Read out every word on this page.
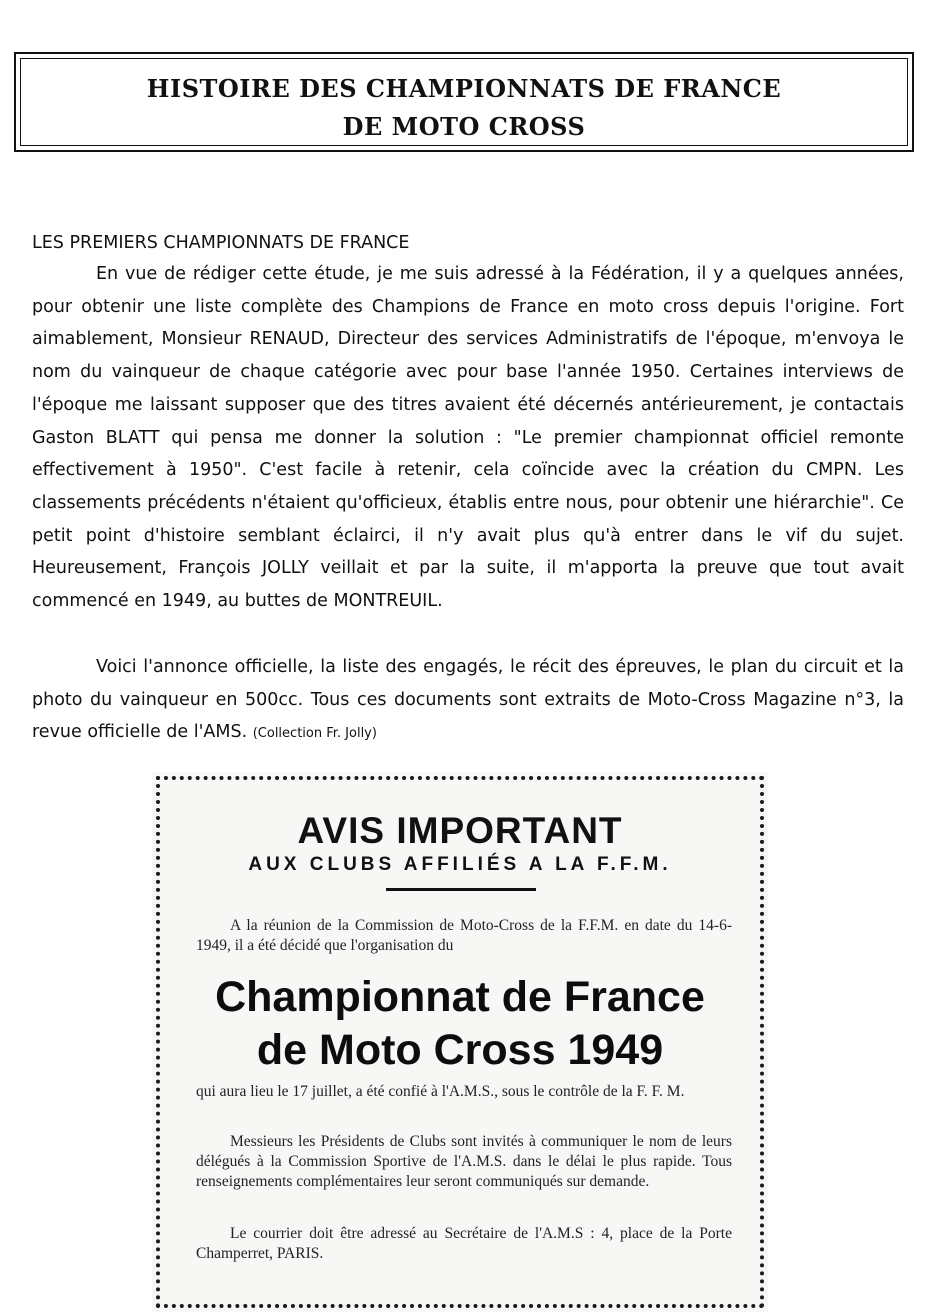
HISTOIRE DES CHAMPIONNATS DE FRANCE
DE MOTO CROSS
LES PREMIERS CHAMPIONNATS DE FRANCE
En vue de rédiger cette étude, je me suis adressé à la Fédération, il y a quelques années, pour obtenir une liste complète des Champions de France en moto cross depuis l'origine. Fort aimablement, Monsieur RENAUD, Directeur des services Administratifs de l'époque, m'envoya le nom du vainqueur de chaque catégorie avec pour base l'année 1950. Certaines interviews de l'époque me laissant supposer que des titres avaient été décernés antérieurement, je contactais Gaston BLATT qui pensa me donner la solution : "Le premier championnat officiel remonte effectivement à 1950". C'est facile à retenir, cela coïncide avec la création du CMPN. Les classements précédents n'étaient qu'officieux, établis entre nous, pour obtenir une hiérarchie". Ce petit point d'histoire semblant éclairci, il n'y avait plus qu'à entrer dans le vif du sujet. Heureusement, François JOLLY veillait et par la suite, il m'apporta la preuve que tout avait commencé en 1949, au buttes de MONTREUIL.
Voici l'annonce officielle, la liste des engagés, le récit des épreuves, le plan du circuit et la photo du vainqueur en 500cc. Tous ces documents sont extraits de Moto-Cross Magazine n°3, la revue officielle de l'AMS. (Collection Fr. Jolly)
AVIS IMPORTANT
AUX CLUBS AFFILIÉS A LA F.F.M.
A la réunion de la Commission de Moto-Cross de la F.F.M. en date du 14-6-1949, il a été décidé que l'organisation du
Championnat de France
de Moto Cross 1949
qui aura lieu le 17 juillet, a été confié à l'A.M.S., sous le contrôle de la F. F. M.
Messieurs les Présidents de Clubs sont invités à communiquer le nom de leurs délégués à la Commission Sportive de l'A.M.S. dans le délai le plus rapide. Tous renseignements complémentaires leur seront communiqués sur demande.
Le courrier doit être adressé au Secrétaire de l'A.M.S : 4, place de la Porte Champerret, PARIS.
